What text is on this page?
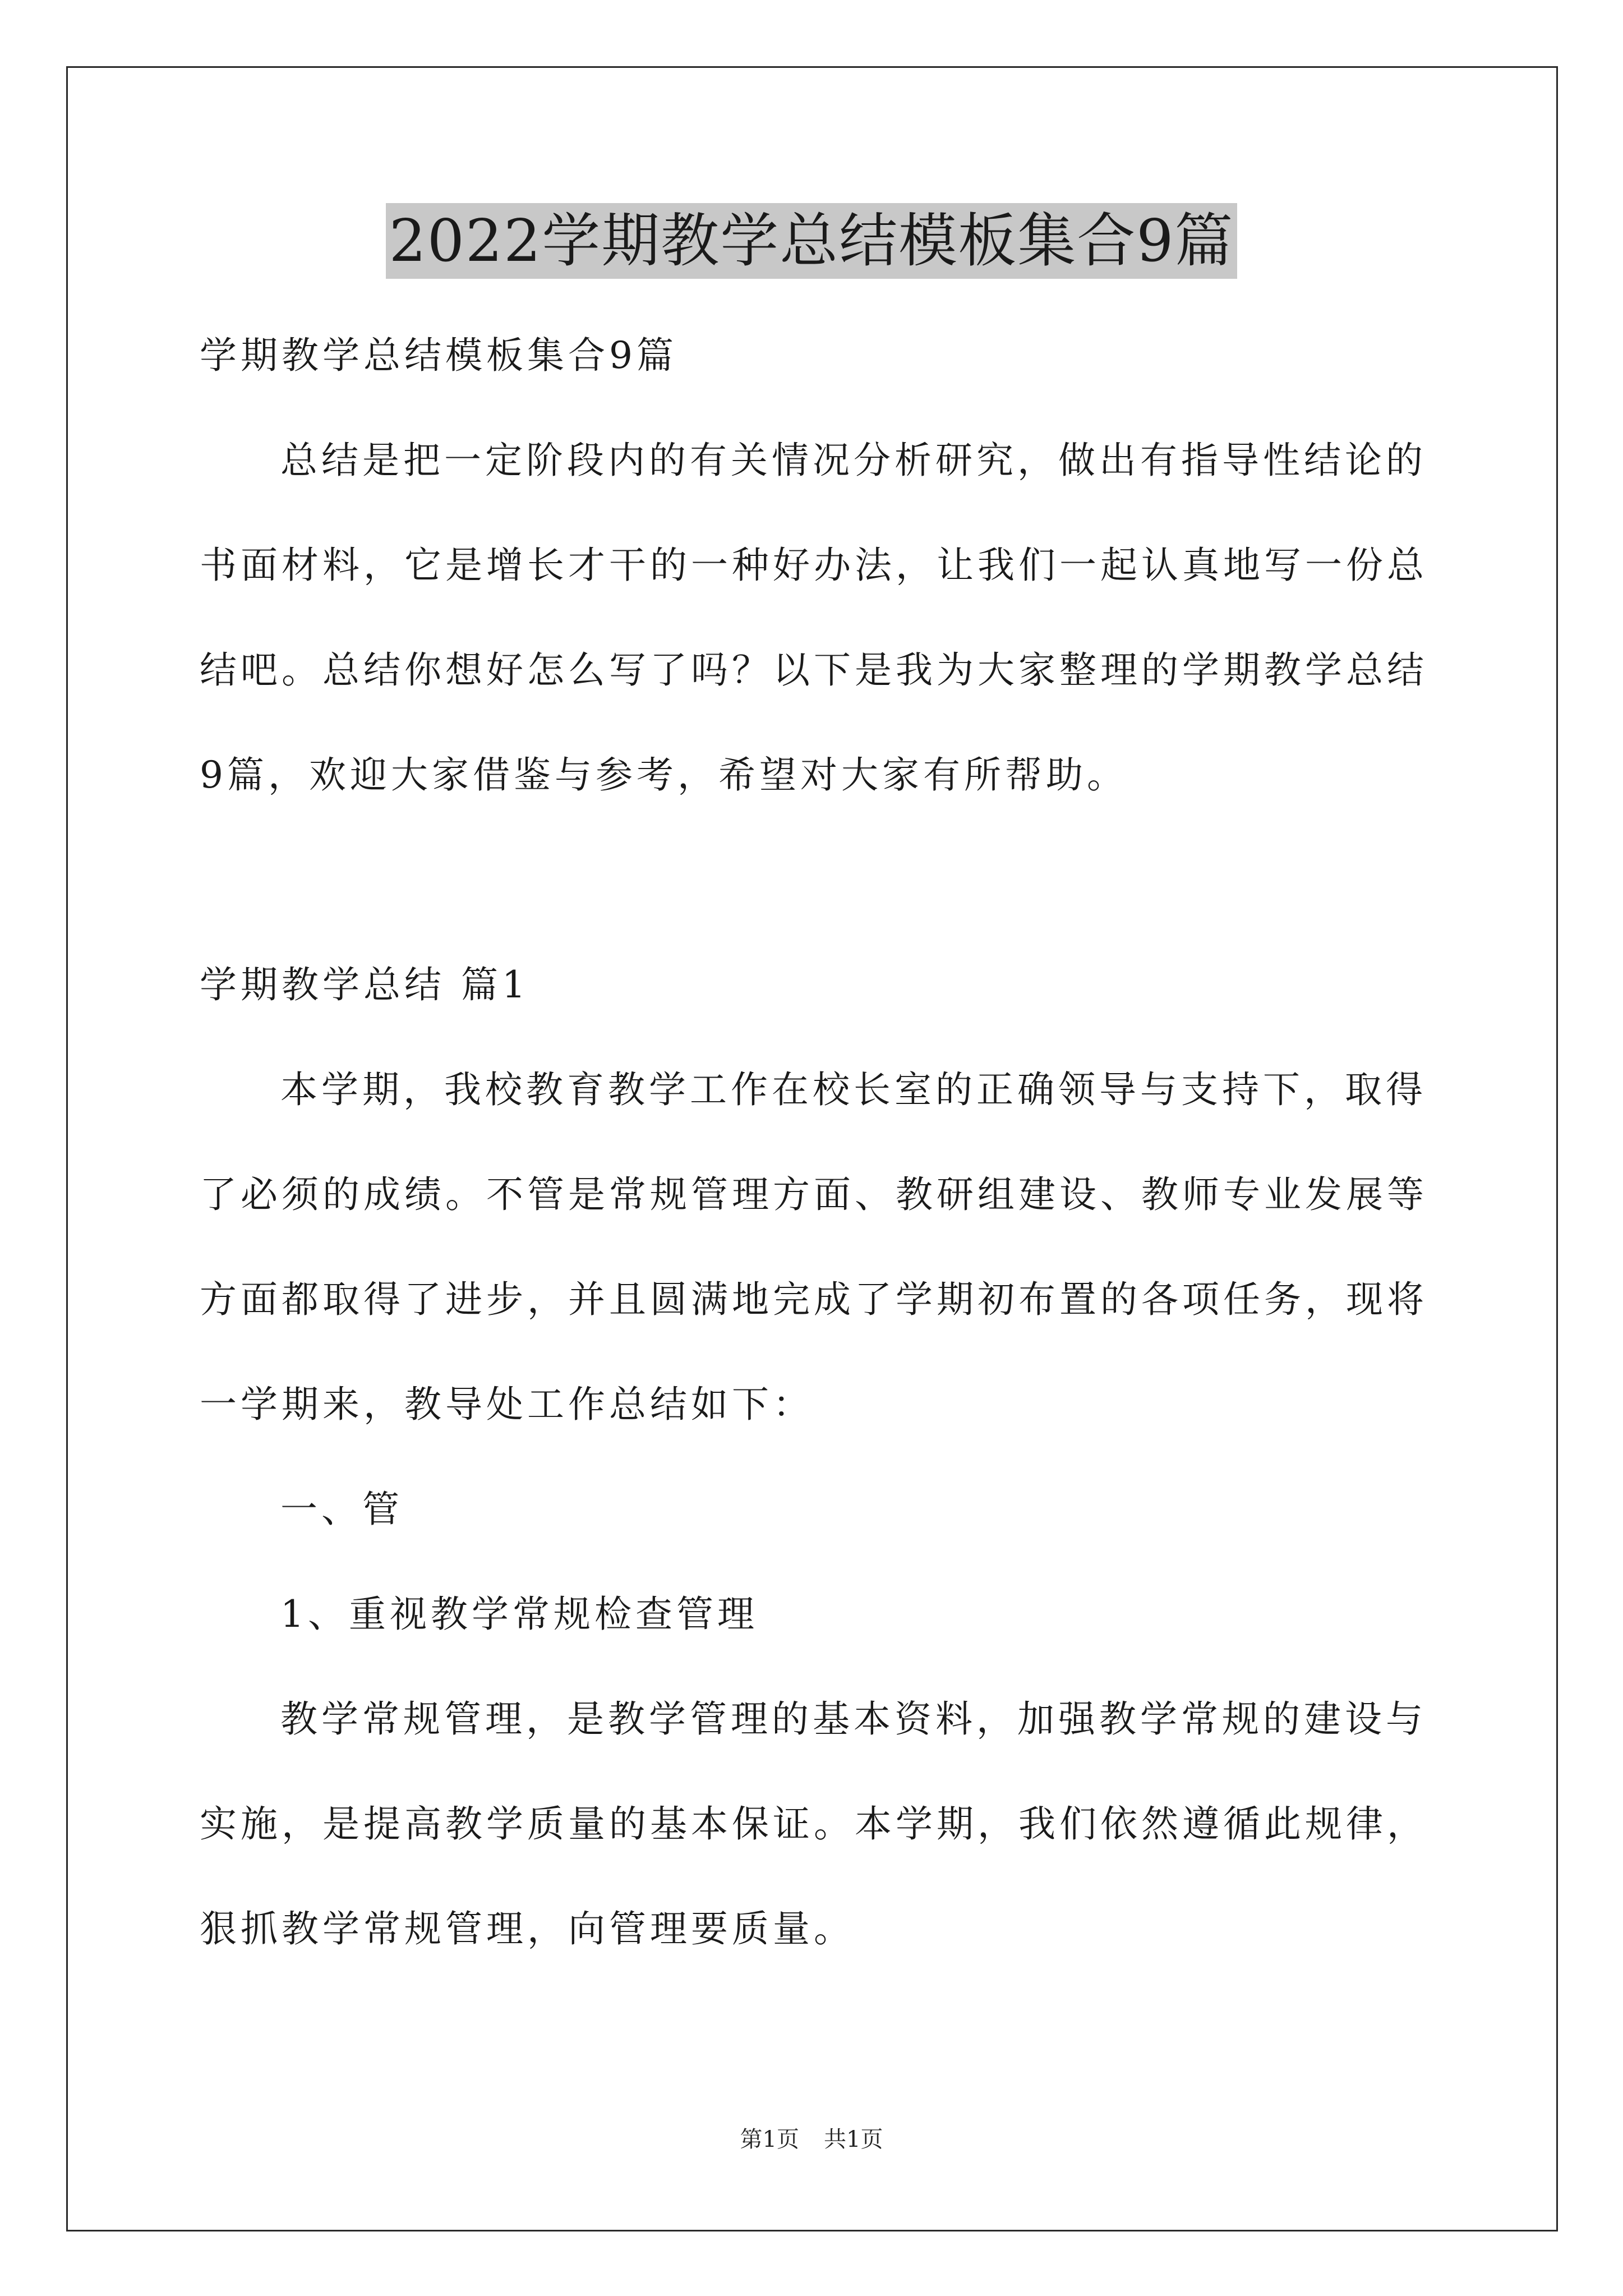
2022学期教学总结模板集合9篇
学期教学总结模板集合9篇
总结是把一定阶段内的有关情况分析研究，做出有指导性结论的
书面材料，它是增长才干的一种好办法，让我们一起认真地写一份总
结吧。总结你想好怎么写了吗？以下是我为大家整理的学期教学总结
9篇，欢迎大家借鉴与参考，希望对大家有所帮助。
学期教学总结 篇1
本学期，我校教育教学工作在校长室的正确领导与支持下，取得
了必须的成绩。不管是常规管理方面、教研组建设、教师专业发展等
方面都取得了进步，并且圆满地完成了学期初布置的各项任务，现将
一学期来，教导处工作总结如下：
一、管
1、重视教学常规检查管理
教学常规管理，是教学管理的基本资料，加强教学常规的建设与
实施，是提高教学质量的基本保证。本学期，我们依然遵循此规律，
狠抓教学常规管理，向管理要质量。
第1页 共1页
